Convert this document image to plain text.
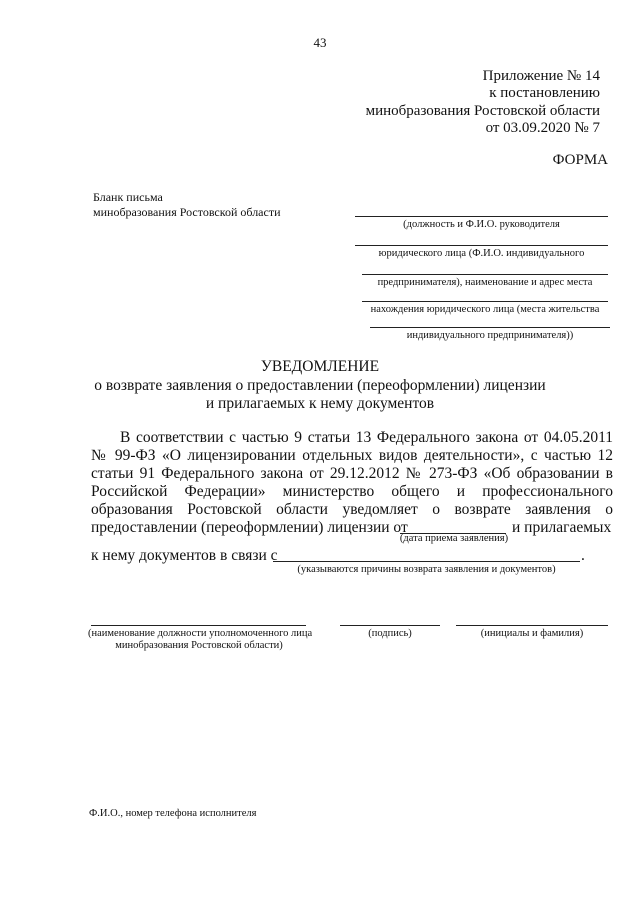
43
Приложение № 14
к постановлению
минобразования Ростовской области
от 03.09.2020 № 7
ФОРМА
Бланк письма
минобразования Ростовской области
(должность и Ф.И.О. руководителя
юридического лица (Ф.И.О. индивидуального
предпринимателя), наименование и адрес места
нахождения юридического лица (места жительства
индивидуального предпринимателя))
УВЕДОМЛЕНИЕ
о возврате заявления о предоставлении (переоформлении) лицензии
и прилагаемых к нему документов
В соответствии с частью 9 статьи 13 Федерального закона от 04.05.2011
№ 99-ФЗ «О лицензировании отдельных видов деятельности», с частью 12
статьи 91 Федерального закона от 29.12.2012 № 273-ФЗ «Об образовании в
Российской Федерации» министерство общего и профессионального
образования Ростовской области уведомляет о возврате заявления о
предоставлении (переоформлении) лицензии от	и прилагаемых
(дата приема заявления)
к нему документов в связи с	.
(указываются причины возврата заявления и документов)
(наименование должности уполномоченного лица
минобразования Ростовской области)
(подпись)	(инициалы и фамилия)
Ф.И.О., номер телефона исполнителя
